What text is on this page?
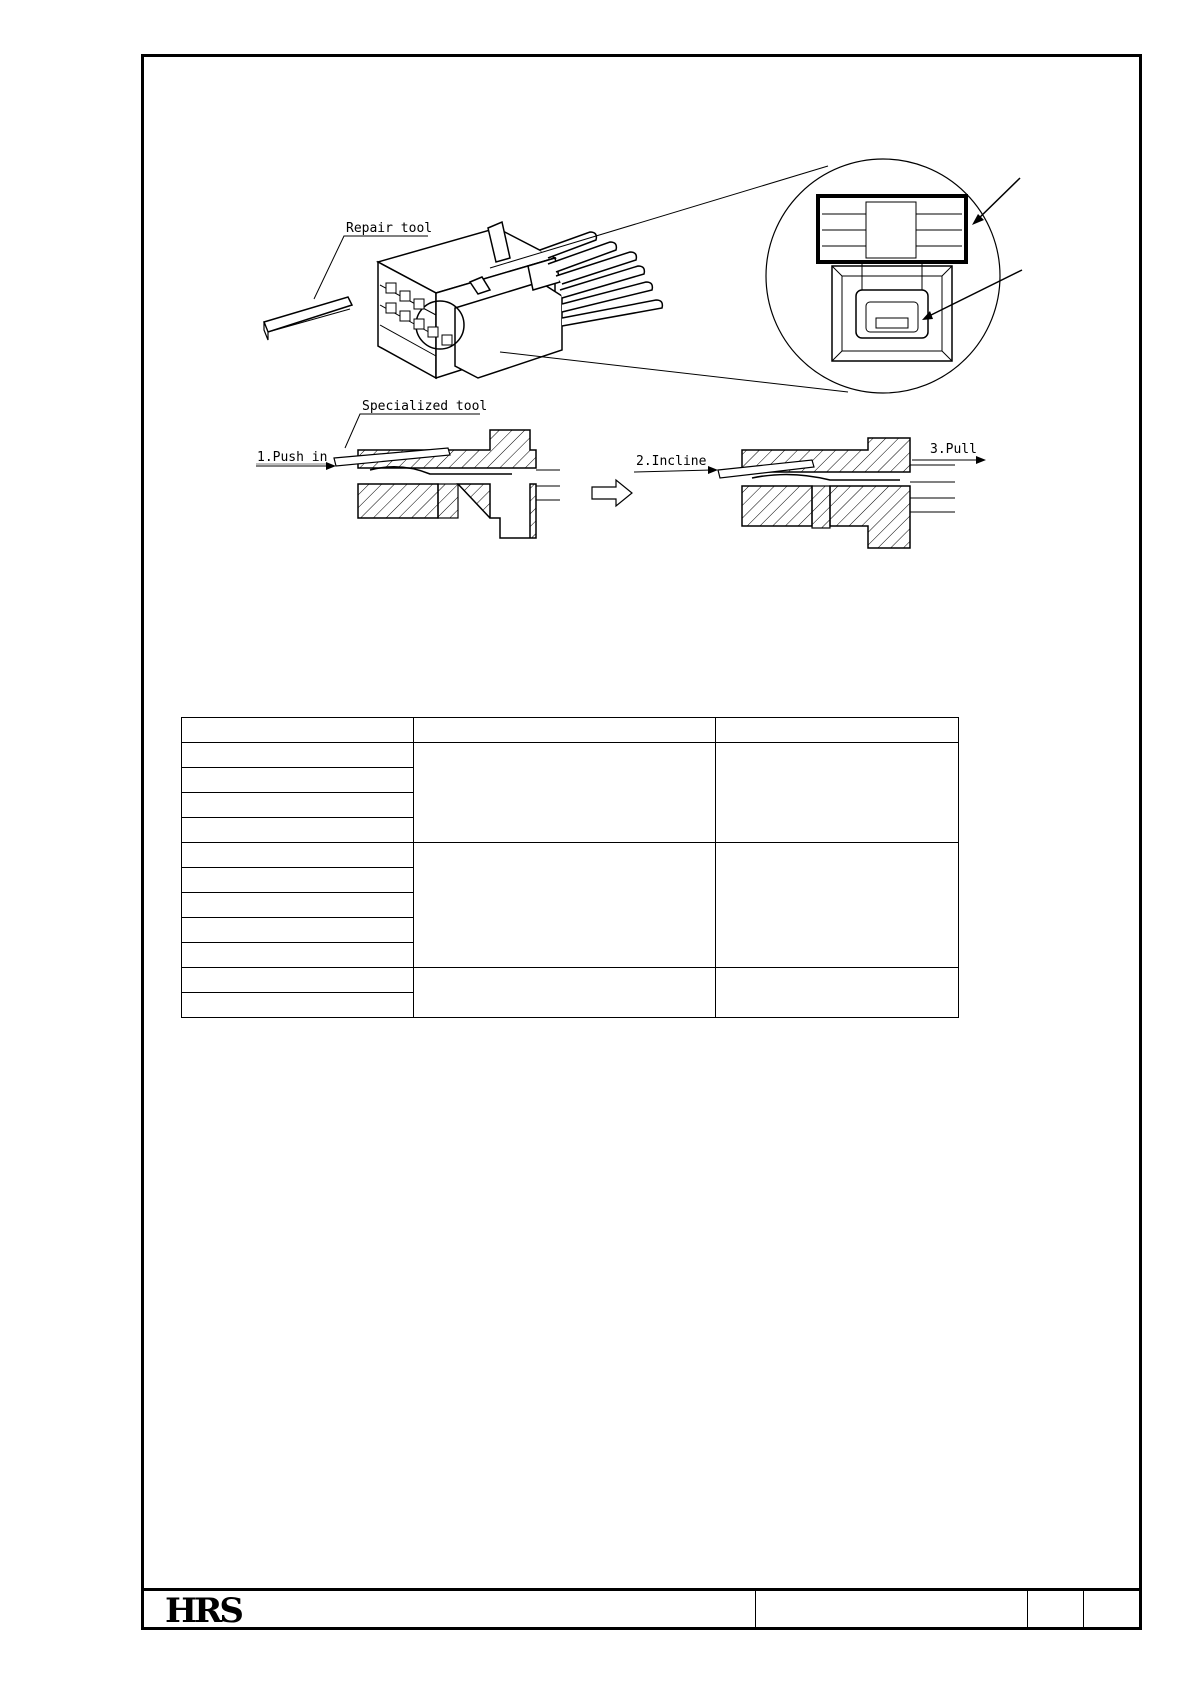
Repair tool
1.Push in
Specialized tool
2.Incline
3.Pull

HRS
